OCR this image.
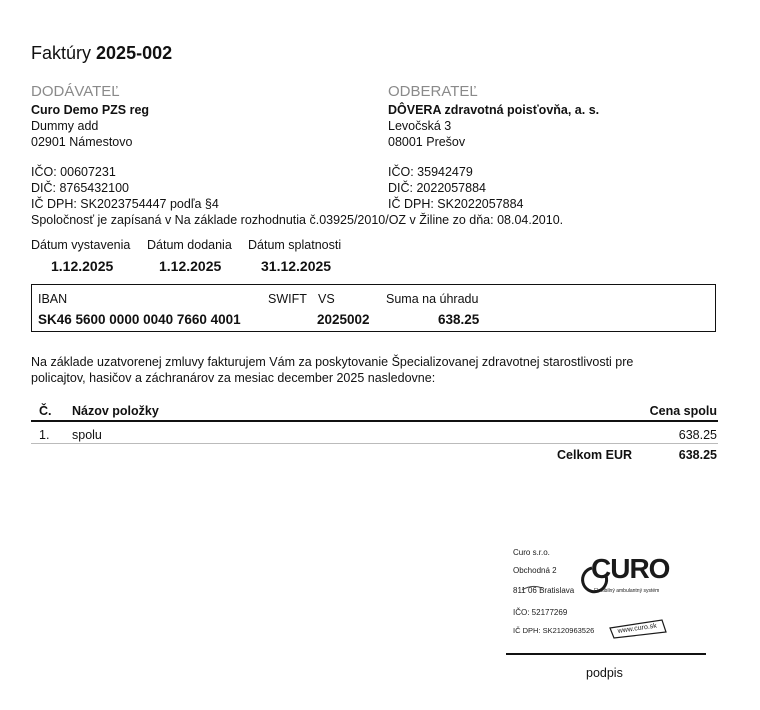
Faktúry 2025-002
DODÁVATEĽ
Curo Demo PZS reg
Dummy add
02901 Námestovo
IČO: 00607231
DIČ: 8765432100
IČ DPH: SK2023754447 podľa §4
ODBERATEĽ
DÔVERA zdravotná poisťovňa, a. s.
Levočská 3
08001 Prešov
IČO: 35942479
DIČ: 2022057884
IČ DPH: SK2022057884
Spoločnosť je zapísaná v Na základe rozhodnutia č.03925/2010/OZ v Žiline zo dňa: 08.04.2010.
Dátum vystavenia Dátum dodania Dátum splatnosti
1.12.2025	1.12.2025	31.12.2025
IBAN	SWIFT VS	Suma na úhradu
SK46 5600 0000 0040 7660 4001	2025002	638.25
Na základe uzatvorenej zmluvy fakturujem Vám za poskytovanie Špecializovanej zdravotnej starostlivosti pre
policajtov, hasičov a záchranárov za mesiac december 2025 nasledovne:
Č. Názov položky	Cena spolu
1. spolu	638.25
Celkom EUR	638.25
Curo s.r.o.
Obchodná 2
811 06 Bratislava
IČO: 52177269
IČ DPH: SK2120963526
CURO
Flexibilný ambulantný systém
www.curo.sk
podpis
